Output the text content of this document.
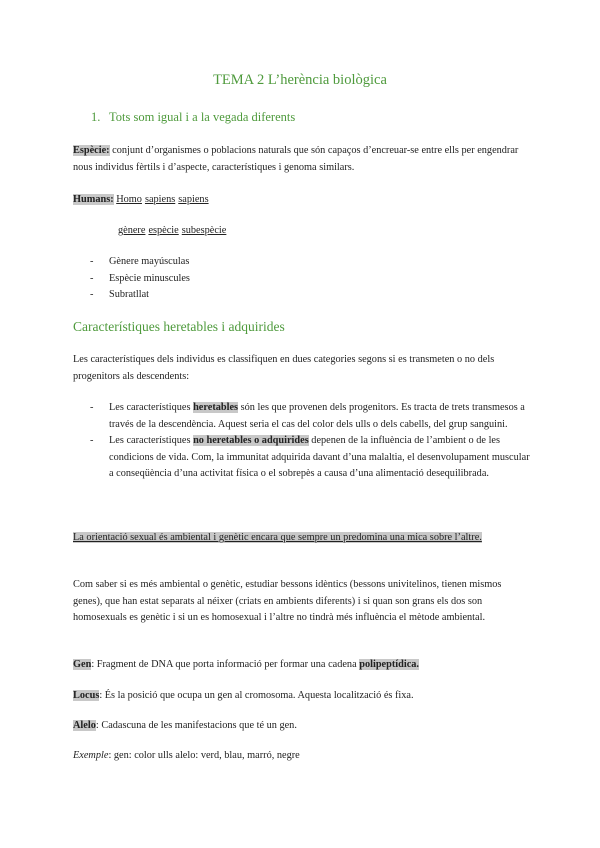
TEMA 2 L’herència biològica
1. Tots som igual i a la vegada diferents
Espècie: conjunt d’organismes o poblacions naturals que són capaços d’encreuar-se entre ells per engendrar nous individus fèrtils i d’aspecte, característiques i genoma similars.
Humans: Homo sapiens sapiens
gènere espècie subespècie
- Gènere mayúsculas
- Espècie minuscules
- Subratllat
Característiques heretables i adquirides
Les característiques dels individus es classifiquen en dues categories segons si es transmeten o no dels progenitors als descendents:
- Les característiques heretables són les que provenen dels progenitors. Es tracta de trets transmesos a través de la descendència. Aquest seria el cas del color dels ulls o dels cabells, del grup sanguini.
- Les característiques no heretables o adquirides depenen de la influència de l’ambient o de les condicions de vida. Com, la immunitat adquirida davant d’una malaltia, el desenvolupament muscular a conseqüència d’una activitat física o el sobrepès a causa d’una alimentació desequilibrada.
La orientació sexual és ambiental i genètic encara que sempre un predomina una mica sobre l’altre.
Com saber si es més ambiental o genètic, estudiar bessons idèntics (bessons univitelinos, tienen mismos genes), que han estat separats al néixer (criats en ambients diferents) i si quan son grans els dos son homosexuals es genètic i si un es homosexual i l’altre no tindrà més influència el mètode ambiental.
Gen: Fragment de DNA que porta informació per formar una cadena polipeptídica.
Locus: És la posició que ocupa un gen al cromosoma. Aquesta localització és fixa.
Alelo: Cadascuna de les manifestacions que té un gen.
Exemple: gen: color ulls alelo: verd, blau, marró, negre
